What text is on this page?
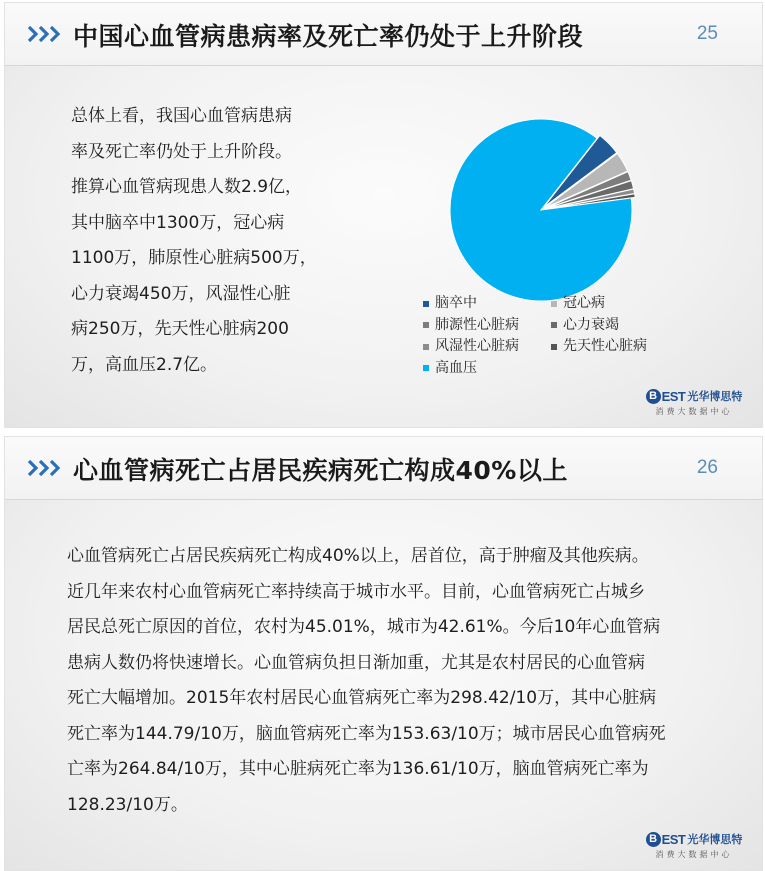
中国心血管病患病率及死亡率仍处于上升阶段	25

总体上看，我国心血管病患病

率及死亡率仍处于上升阶段。

推算心血管病现患人数2.9亿，

其中脑卒中1300万，冠心病

1100万，肺原性心脏病500万，

心力衰竭450万，风湿性心脏

病250万，先天性心脏病200

万，高血压2.7亿。

脑卒中	冠心病
肺源性心脏病	心力衰竭
风湿性心脏病	先天性心脏病
高血压
B EST 光华博思特
消费大数据中心
心血管病死亡占居民疾病死亡构成40%以上	26

心血管病死亡占居民疾病死亡构成40%以上，居首位，高于肿瘤及其他疾病。

近几年来农村心血管病死亡率持续高于城市水平。目前，心血管病死亡占城乡

居民总死亡原因的首位，农村为45.01%，城市为42.61%。今后10年心血管病

患病人数仍将快速增长。心血管病负担日渐加重，尤其是农村居民的心血管病

死亡大幅增加。2015年农村居民心血管病死亡率为298.42/10万，其中心脏病

死亡率为144.79/10万，脑血管病死亡率为153.63/10万；城市居民心血管病死

亡率为264.84/10万，其中心脏病死亡率为136.61/10万，脑血管病死亡率为

128.23/10万。

B EST 光华博思特
消费大数据中心
